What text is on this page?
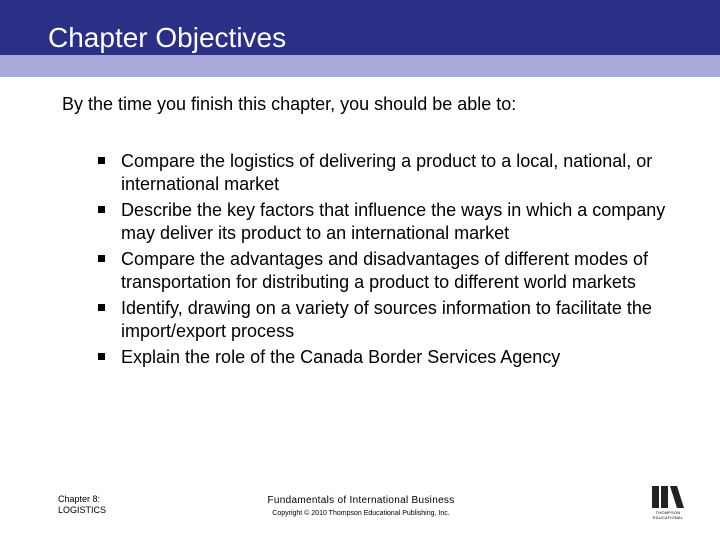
Chapter Objectives
By the time you finish this chapter, you should be able to:
Compare the logistics of delivering a product to a local, national, or international market
Describe the key factors that influence the ways in which a company may deliver its product to an international market
Compare the advantages and disadvantages of different modes of transportation for distributing a product to different world markets
Identify, drawing on a variety of sources information to facilitate the import/export process
Explain the role of the Canada Border Services Agency
Chapter 8:
LOGISTICS
Fundamentals of International Business
Copyright © 2010 Thompson Educational Publishing, Inc.	THOMPSON
EDUCATIONAL
